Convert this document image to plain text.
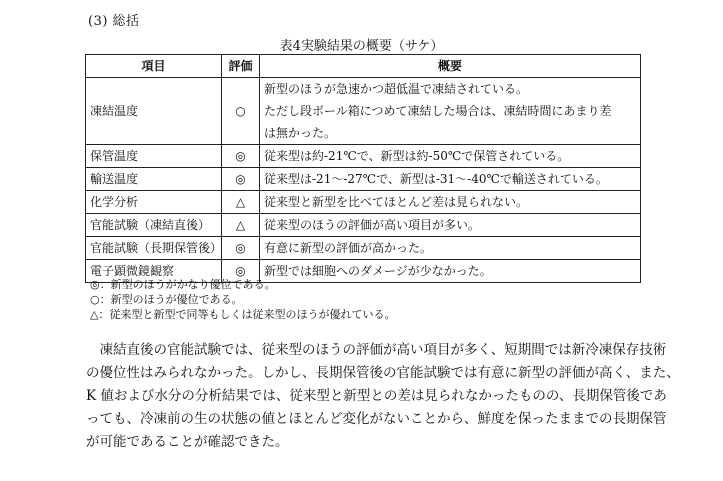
(3) 総括
表4実験結果の概要（サケ）
項目	評価	概要
凍結温度	○	新型のほうが急速かつ超低温で凍結されている。
ただし段ボール箱につめて凍結した場合は、凍結時間にあまり差
は無かった。

保管温度	◎	従来型は約-21℃で、新型は約-50℃で保管されている。

輸送温度	◎	従来型は-21～-27℃で、新型は-31～-40℃で輸送されている。

化学分析	△	従来型と新型を比べてほとんど差は見られない。

官能試験（凍結直後）	△	従来型のほうの評価が高い項目が多い。

官能試験（長期保管後）	◎	有意に新型の評価が高かった。

電子顕微鏡観察	◎	新型では細胞へのダメージが少なかった。
◎：新型のほうがかなり優位である。
○：新型のほうが優位である。
△：従来型と新型で同等もしくは従来型のほうが優れている。
凍結直後の官能試験では、従来型のほうの評価が高い項目が多く、短期間では新冷凍保存技術
の優位性はみられなかった。しかし、長期保管後の官能試験では有意に新型の評価が高く、また、
K 値および水分の分析結果では、従来型と新型との差は見られなかったものの、長期保管後であ
っても、冷凍前の生の状態の値とほとんど変化がないことから、鮮度を保ったままでの長期保管
が可能であることが確認できた。
